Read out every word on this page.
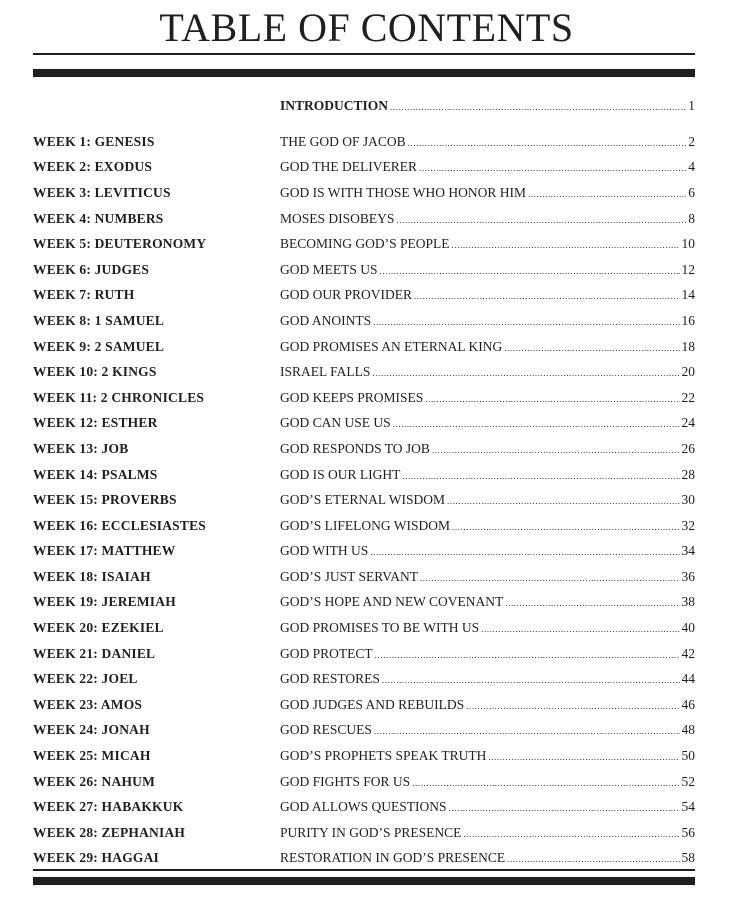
TABLE OF CONTENTS
INTRODUCTION .....	1
WEEK 1: GENESIS	THE GOD OF JACOB .....	2
WEEK 2: EXODUS	GOD THE DELIVERER .....	4
WEEK 3: LEVITICUS	GOD IS WITH THOSE WHO HONOR HIM .....	6
WEEK 4: NUMBERS	MOSES DISOBEYS .....	8
WEEK 5: DEUTERONOMY	BECOMING GOD’S PEOPLE .....	10
WEEK 6: JUDGES	GOD MEETS US .....	12
WEEK 7: RUTH	GOD OUR PROVIDER .....	14
WEEK 8: 1 SAMUEL	GOD ANOINTS .....	16
WEEK 9: 2 SAMUEL	GOD PROMISES AN ETERNAL KING .....	18
WEEK 10: 2 KINGS	ISRAEL FALLS .....	20
WEEK 11: 2 CHRONICLES	GOD KEEPS PROMISES .....	22
WEEK 12: ESTHER	GOD CAN USE US .....	24
WEEK 13: JOB	GOD RESPONDS TO JOB .....	26
WEEK 14: PSALMS	GOD IS OUR LIGHT .....	28
WEEK 15: PROVERBS	GOD’S ETERNAL WISDOM .....	30
WEEK 16: ECCLESIASTES	GOD’S LIFELONG WISDOM .....	32
WEEK 17: MATTHEW	GOD WITH US .....	34
WEEK 18: ISAIAH	GOD’S JUST SERVANT .....	36
WEEK 19: JEREMIAH	GOD’S HOPE AND NEW COVENANT .....	38
WEEK 20: EZEKIEL	GOD PROMISES TO BE WITH US .....	40
WEEK 21: DANIEL	GOD PROTECT .....	42
WEEK 22: JOEL	GOD RESTORES .....	44
WEEK 23: AMOS	GOD JUDGES AND REBUILDS .....	46
WEEK 24: JONAH	GOD RESCUES .....	48
WEEK 25: MICAH	GOD’S PROPHETS SPEAK TRUTH .....	50
WEEK 26: NAHUM	GOD FIGHTS FOR US .....	52
WEEK 27: HABAKKUK	GOD ALLOWS QUESTIONS .....	54
WEEK 28: ZEPHANIAH	PURITY IN GOD’S PRESENCE .....	56
WEEK 29: HAGGAI	RESTORATION IN GOD’S PRESENCE .....	58
